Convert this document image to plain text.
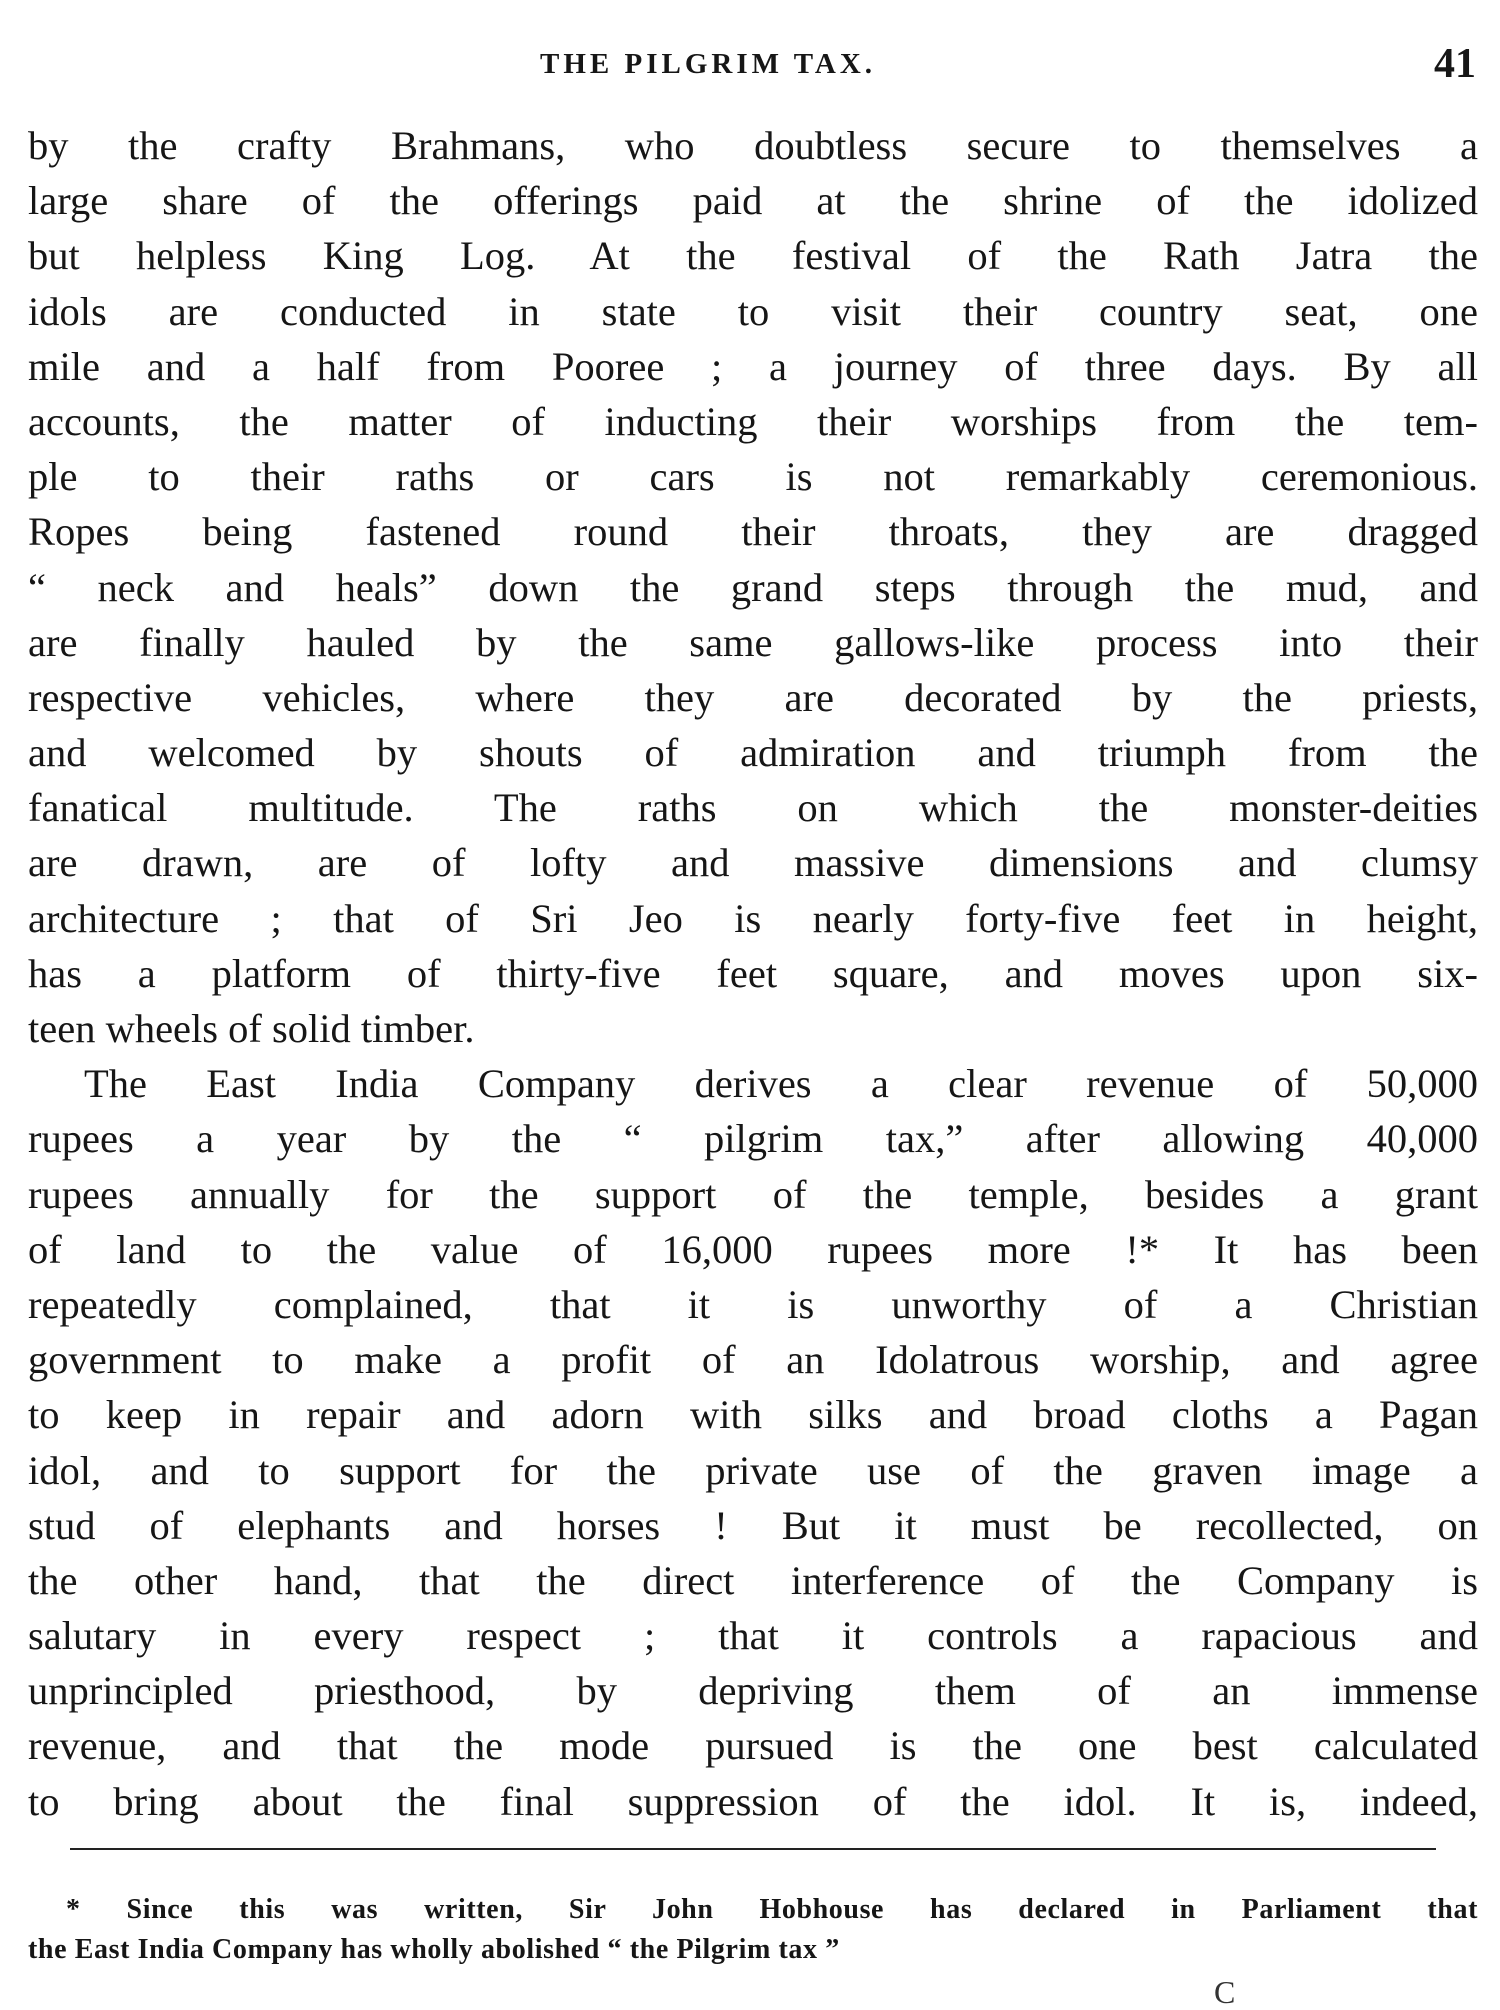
THE PILGRIM TAX.	41
by the crafty Brahmans, who doubtless secure to themselves a
large share of the offerings paid at the shrine of the idolized
but helpless King Log. At the festival of the Rath Jatra the
idols are conducted in state to visit their country seat, one
mile and a half from Pooree ; a journey of three days. By all
accounts, the matter of inducting their worships from the tem-
ple to their raths or cars is not remarkably ceremonious.
Ropes being fastened round their throats, they are dragged
“ neck and heals” down the grand steps through the mud, and
are finally hauled by the same gallows-like process into their
respective vehicles, where they are decorated by the priests,
and welcomed by shouts of admiration and triumph from the
fanatical multitude. The raths on which the monster-deities
are drawn, are of lofty and massive dimensions and clumsy
architecture ; that of Sri Jeo is nearly forty-five feet in height,
has a platform of thirty-five feet square, and moves upon six-
teen wheels of solid timber.
The East India Company derives a clear revenue of 50,000
rupees a year by the “ pilgrim tax,” after allowing 40,000
rupees annually for the support of the temple, besides a grant
of land to the value of 16,000 rupees more !* It has been
repeatedly complained, that it is unworthy of a Christian
government to make a profit of an Idolatrous worship, and agree
to keep in repair and adorn with silks and broad cloths a Pagan
idol, and to support for the private use of the graven image a
stud of elephants and horses ! But it must be recollected, on
the other hand, that the direct interference of the Company is
salutary in every respect ; that it controls a rapacious and
unprincipled priesthood, by depriving them of an immense
revenue, and that the mode pursued is the one best calculated
to bring about the final suppression of the idol. It is, indeed,
* Since this was written, Sir John Hobhouse has declared in Parliament that
the East India Company has wholly abolished “ the Pilgrim tax ”
C
